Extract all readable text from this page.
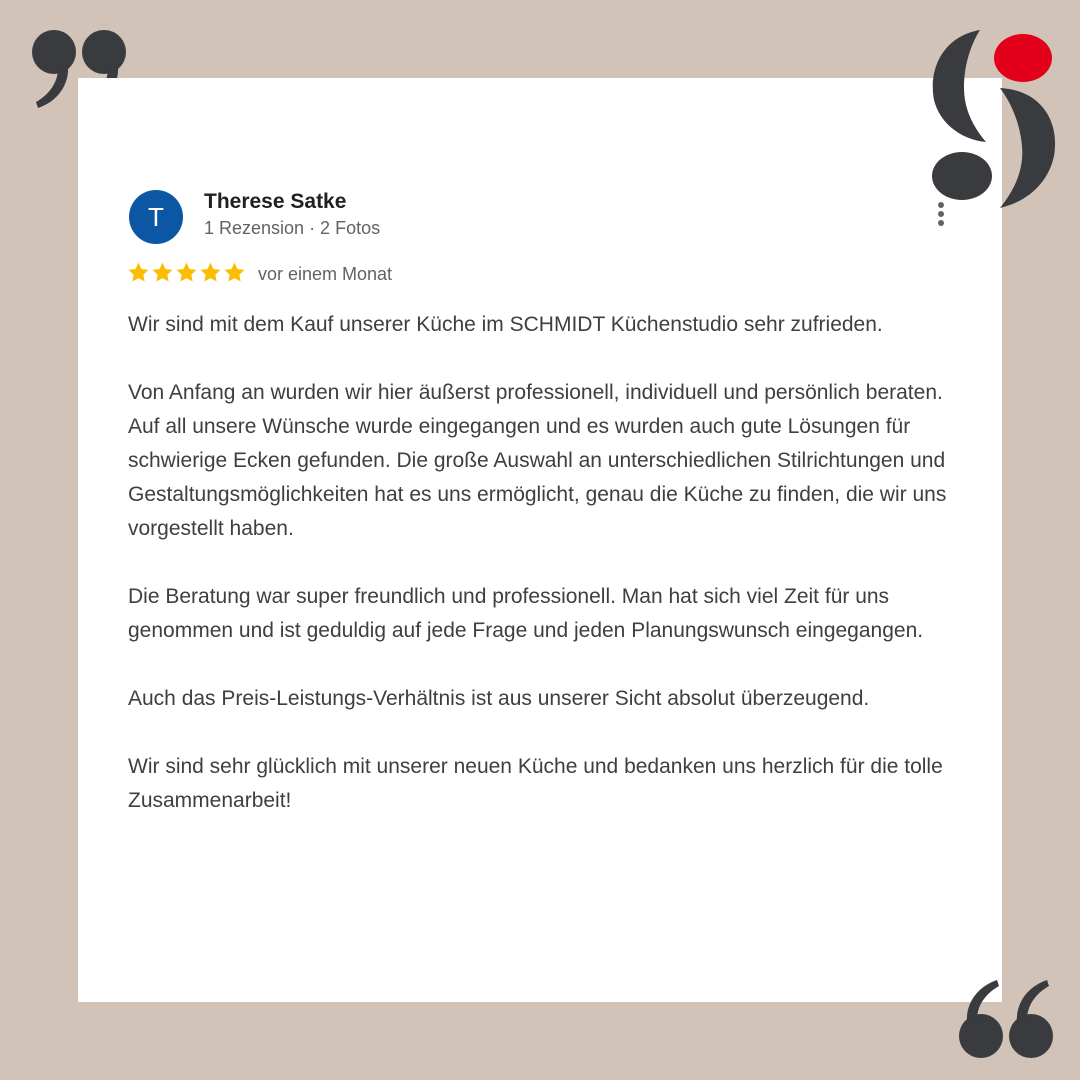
T
Therese Satke
1 Rezension · 2 Fotos
vor einem Monat

Wir sind mit dem Kauf unserer Küche im SCHMIDT Küchenstudio sehr zufrieden.

Von Anfang an wurden wir hier äußerst professionell, individuell und persönlich beraten. Auf all unsere Wünsche wurde eingegangen und es wurden auch gute Lösungen für schwierige Ecken gefunden. Die große Auswahl an unterschiedlichen Stilrichtungen und Gestaltungsmöglichkeiten hat es uns ermöglicht, genau die Küche zu finden, die wir uns vorgestellt haben.

Die Beratung war super freundlich und professionell. Man hat sich viel Zeit für uns genommen und ist geduldig auf jede Frage und jeden Planungswunsch eingegangen.

Auch das Preis-Leistungs-Verhältnis ist aus unserer Sicht absolut überzeugend.

Wir sind sehr glücklich mit unserer neuen Küche und bedanken uns herzlich für die tolle Zusammenarbeit!
